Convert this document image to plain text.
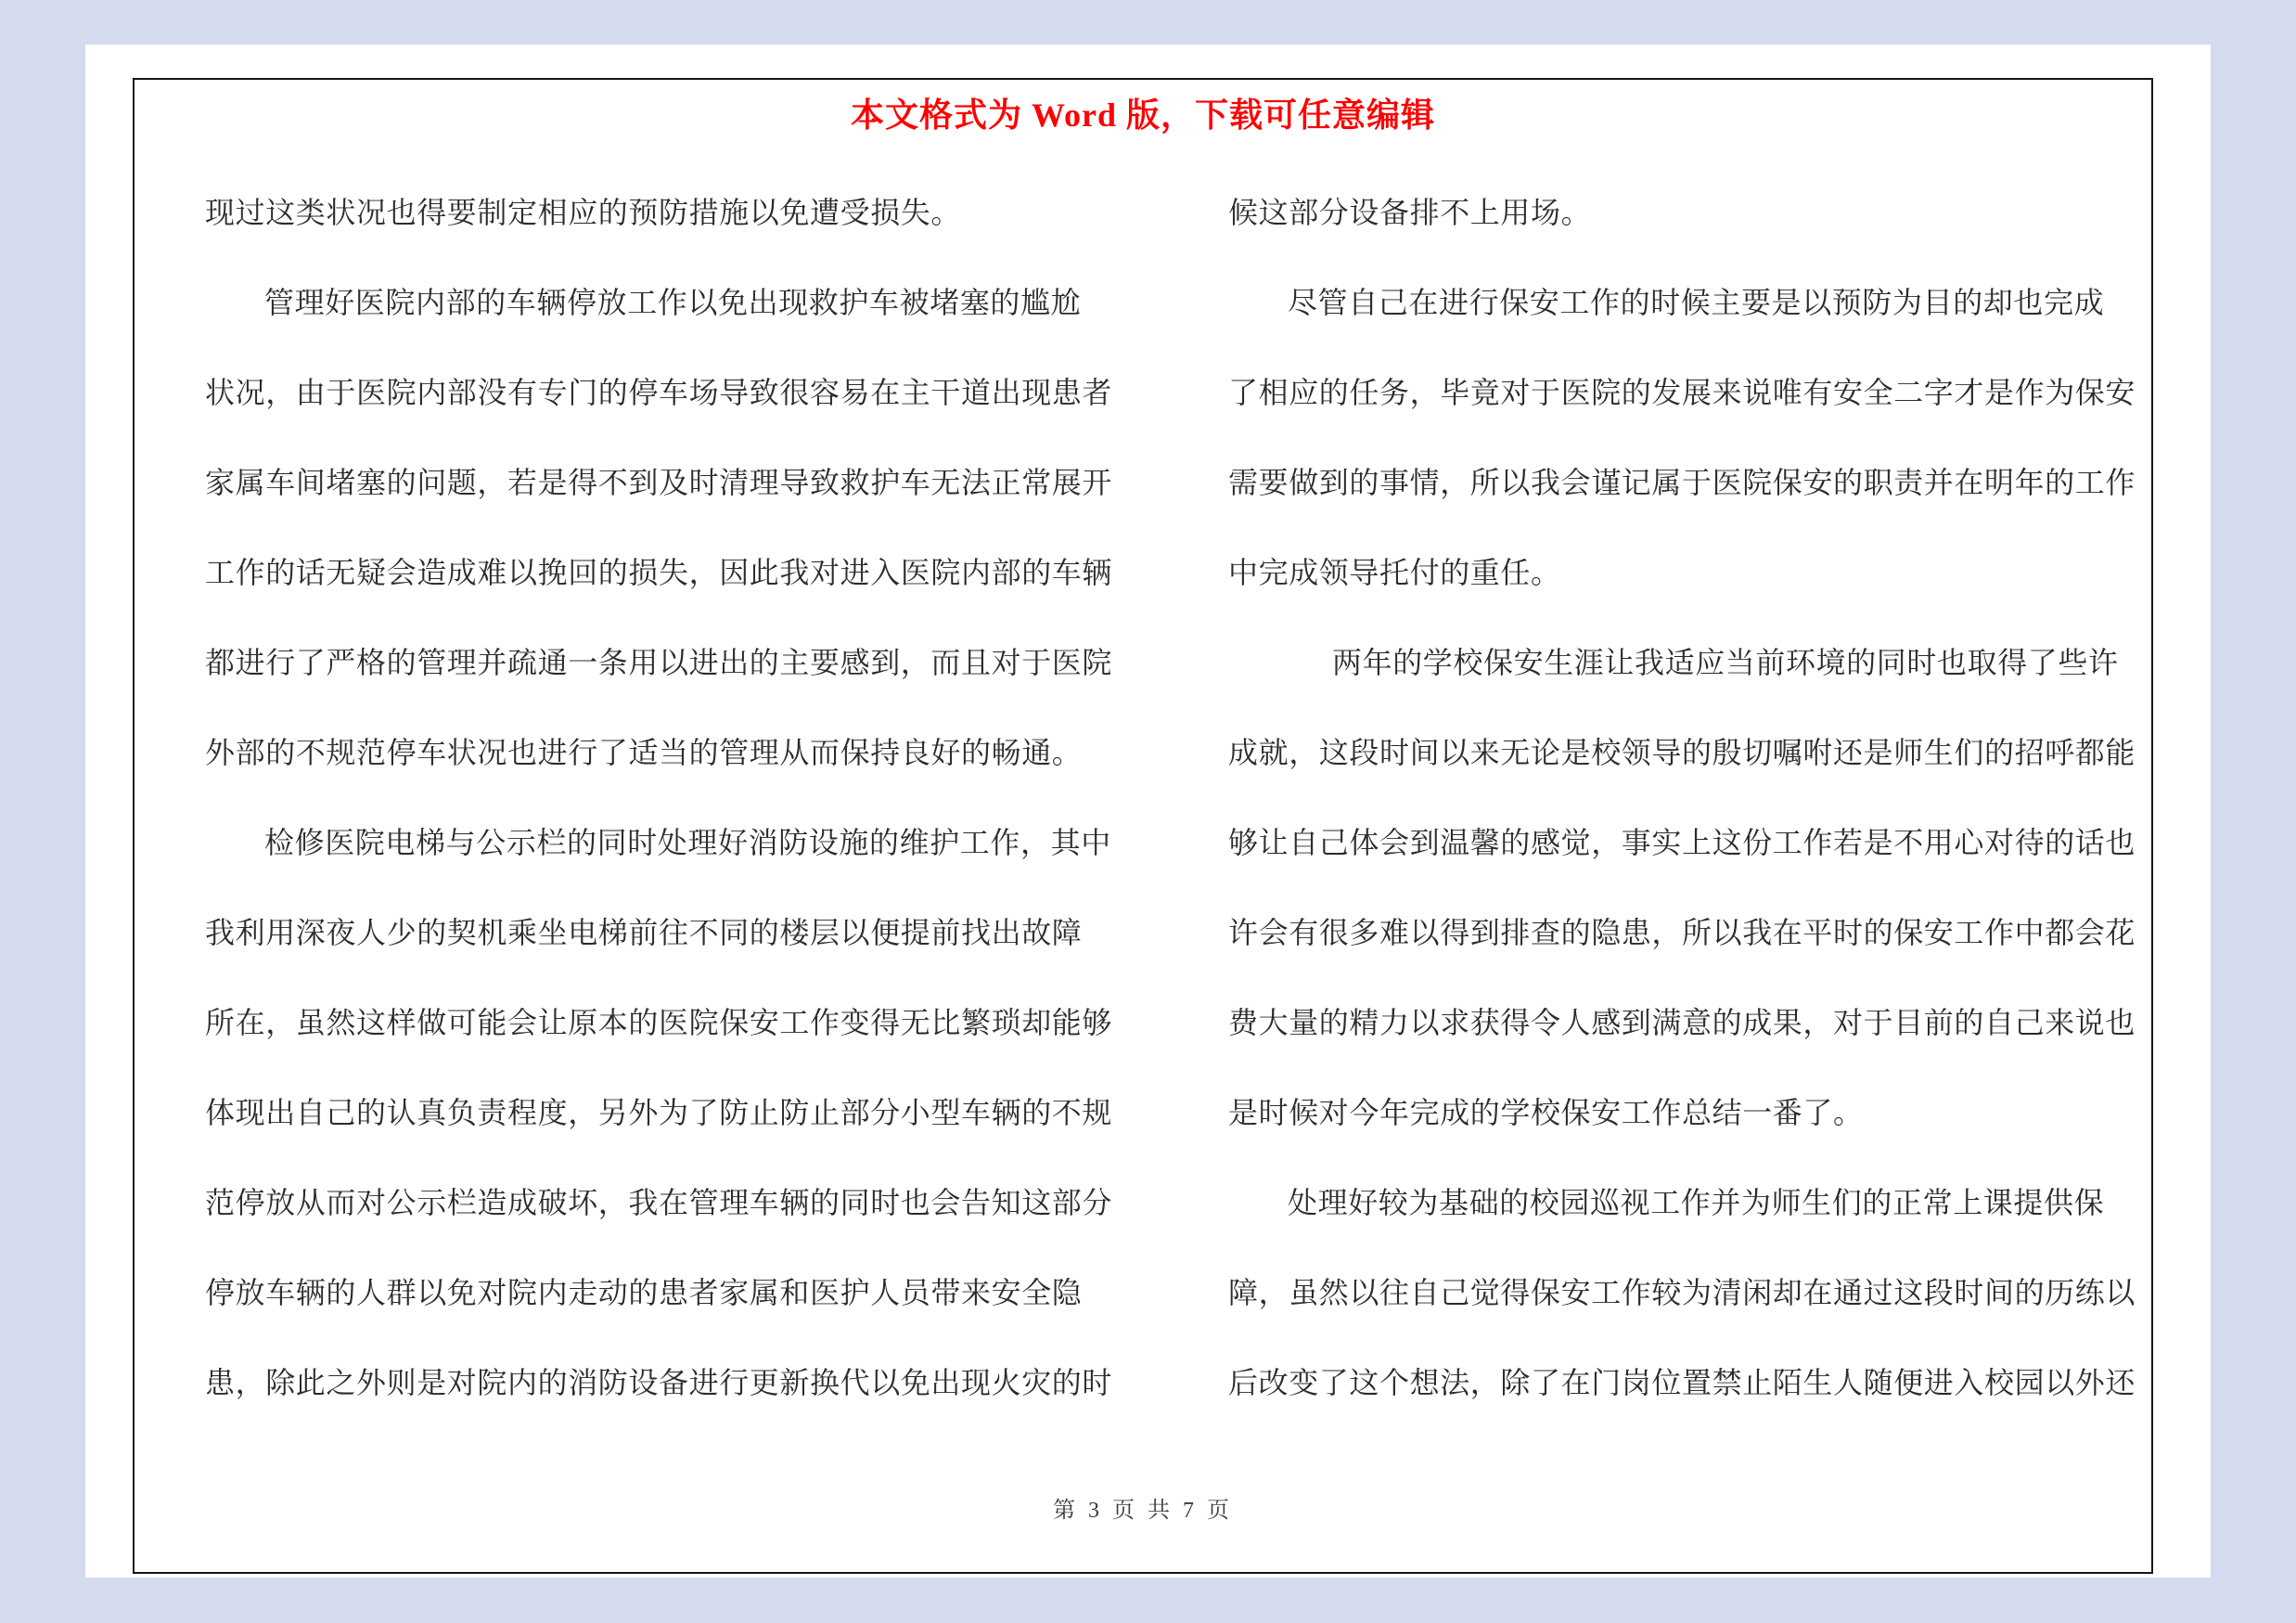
本文格式为 Word 版，下载可任意编辑
现过这类状况也得要制定相应的预防措施以免遭受损失。
管理好医院内部的车辆停放工作以免出现救护车被堵塞的尴尬
状况，由于医院内部没有专门的停车场导致很容易在主干道出现患者
家属车间堵塞的问题，若是得不到及时清理导致救护车无法正常展开
工作的话无疑会造成难以挽回的损失，因此我对进入医院内部的车辆
都进行了严格的管理并疏通一条用以进出的主要感到，而且对于医院
外部的不规范停车状况也进行了适当的管理从而保持良好的畅通。
检修医院电梯与公示栏的同时处理好消防设施的维护工作，其中
我利用深夜人少的契机乘坐电梯前往不同的楼层以便提前找出故障
所在，虽然这样做可能会让原本的医院保安工作变得无比繁琐却能够
体现出自己的认真负责程度，另外为了防止防止部分小型车辆的不规
范停放从而对公示栏造成破坏，我在管理车辆的同时也会告知这部分
停放车辆的人群以免对院内走动的患者家属和医护人员带来安全隐
患，除此之外则是对院内的消防设备进行更新换代以免出现火灾的时
候这部分设备排不上用场。
尽管自己在进行保安工作的时候主要是以预防为目的却也完成
了相应的任务，毕竟对于医院的发展来说唯有安全二字才是作为保安
需要做到的事情，所以我会谨记属于医院保安的职责并在明年的工作
中完成领导托付的重任。
两年的学校保安生涯让我适应当前环境的同时也取得了些许
成就，这段时间以来无论是校领导的殷切嘱咐还是师生们的招呼都能
够让自己体会到温馨的感觉，事实上这份工作若是不用心对待的话也
许会有很多难以得到排查的隐患，所以我在平时的保安工作中都会花
费大量的精力以求获得令人感到满意的成果，对于目前的自己来说也
是时候对今年完成的学校保安工作总结一番了。
处理好较为基础的校园巡视工作并为师生们的正常上课提供保
障，虽然以往自己觉得保安工作较为清闲却在通过这段时间的历练以
后改变了这个想法，除了在门岗位置禁止陌生人随便进入校园以外还
第 3 页 共 7 页
